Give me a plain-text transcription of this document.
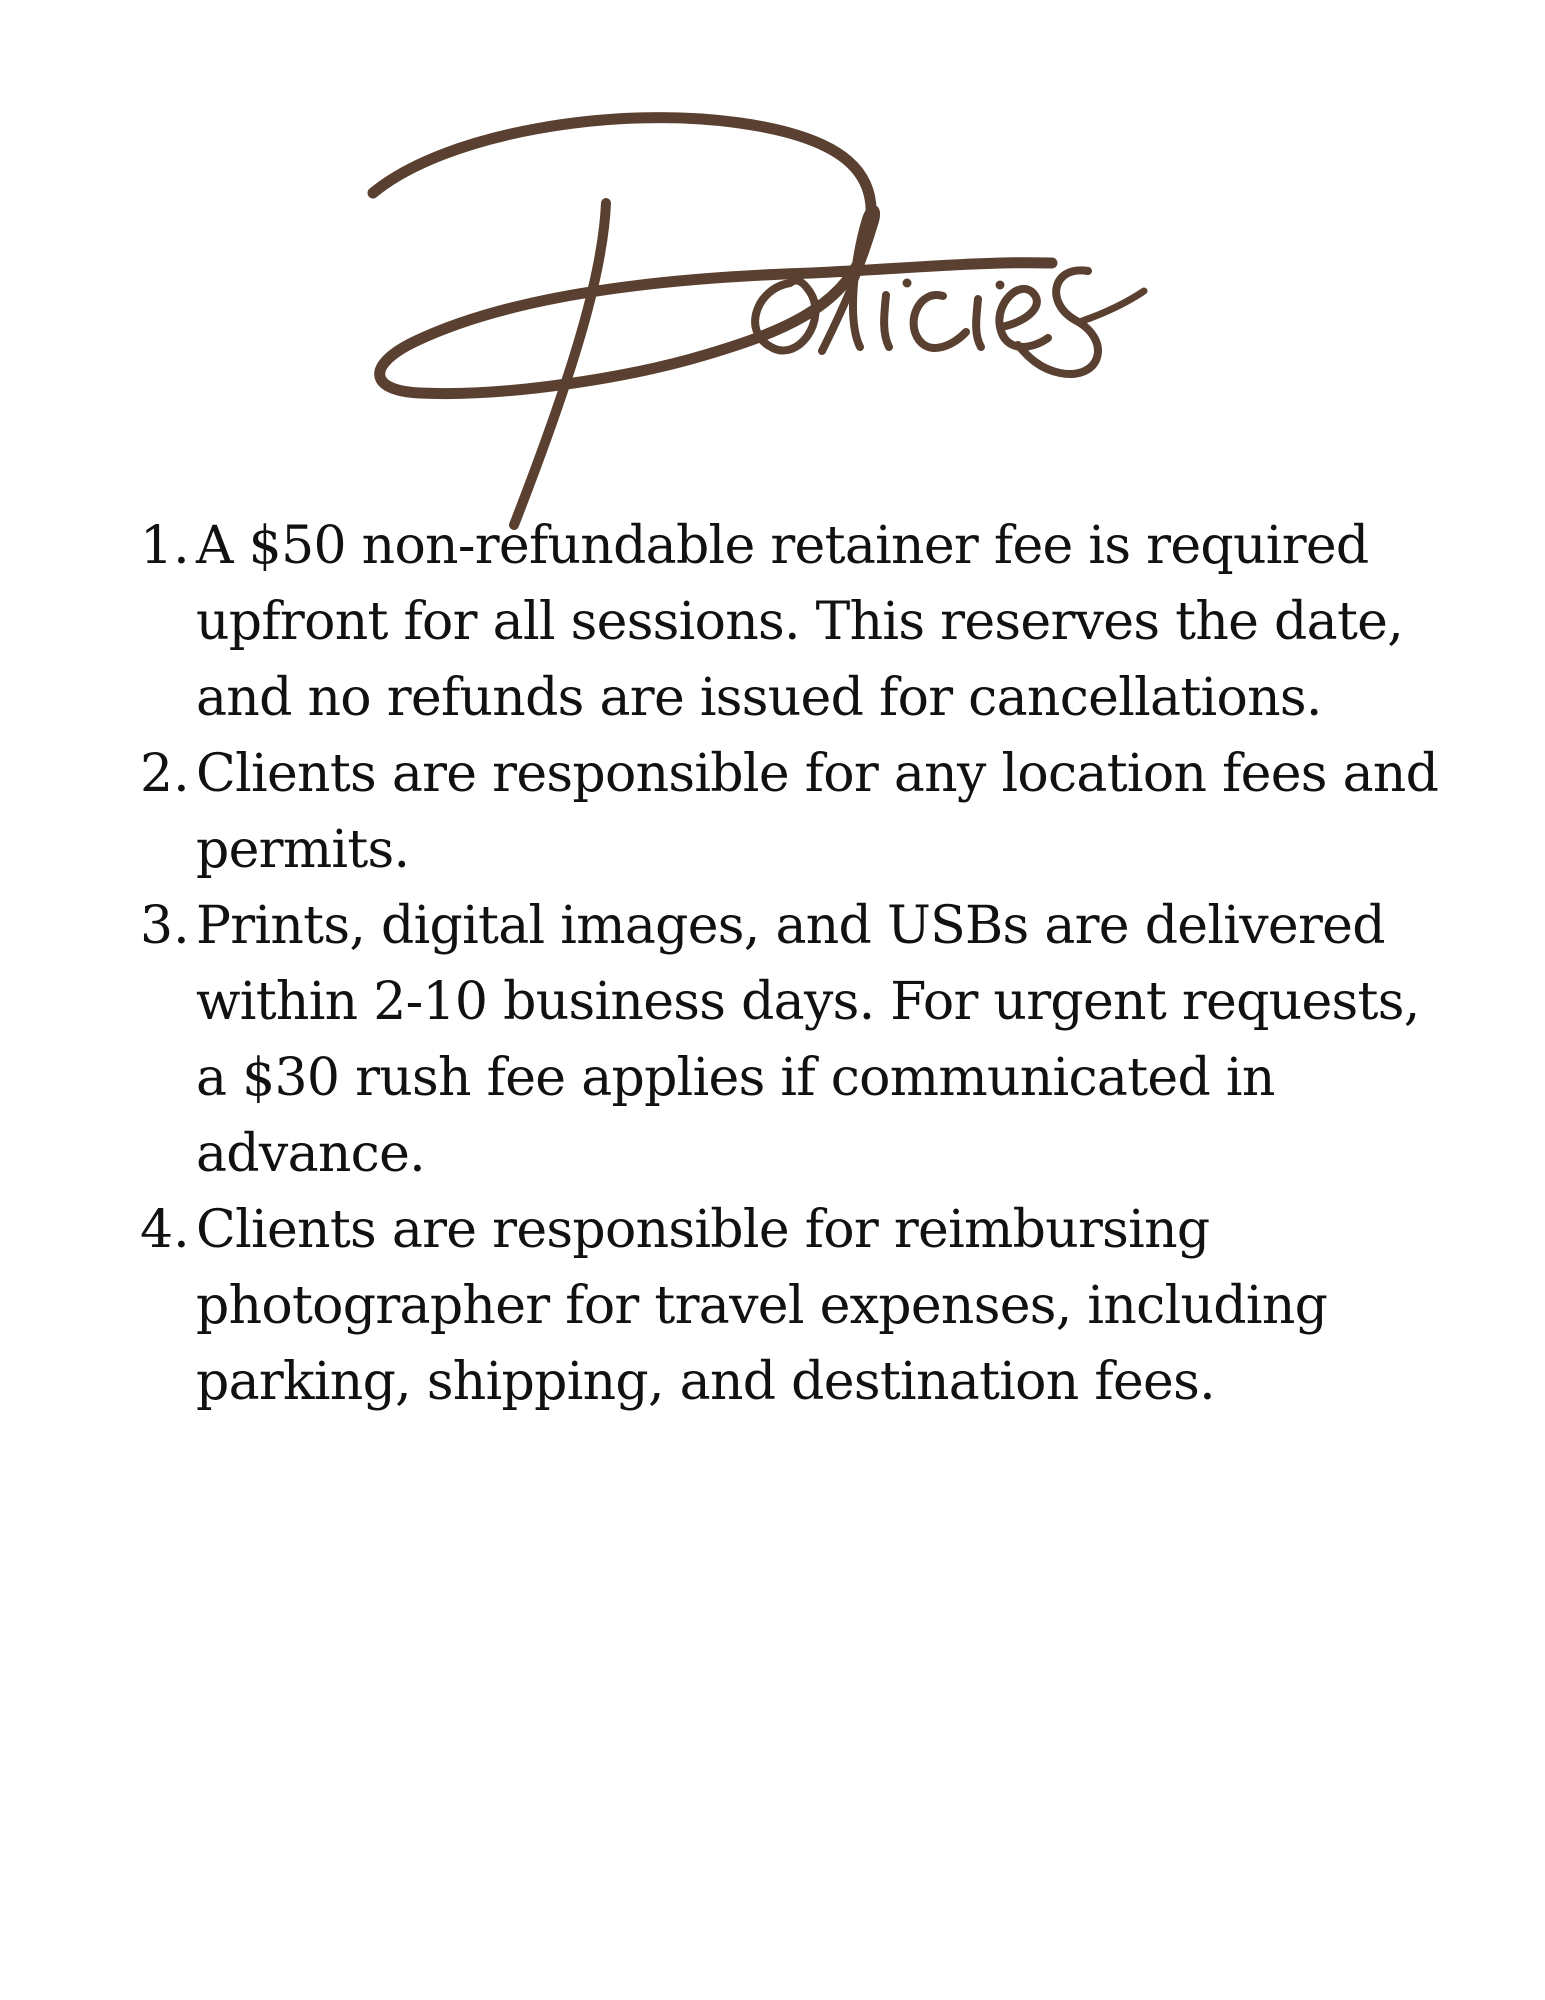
1. A $50 non-refundable retainer fee is required upfront for all sessions. This reserves the date, and no refunds are issued for cancellations.
2. Clients are responsible for any location fees and permits.
3. Prints, digital images, and USBs are delivered within 2-10 business days. For urgent requests, a $30 rush fee applies if communicated in advance.
4. Clients are responsible for reimbursing photographer for travel expenses, including parking, shipping, and destination fees.
